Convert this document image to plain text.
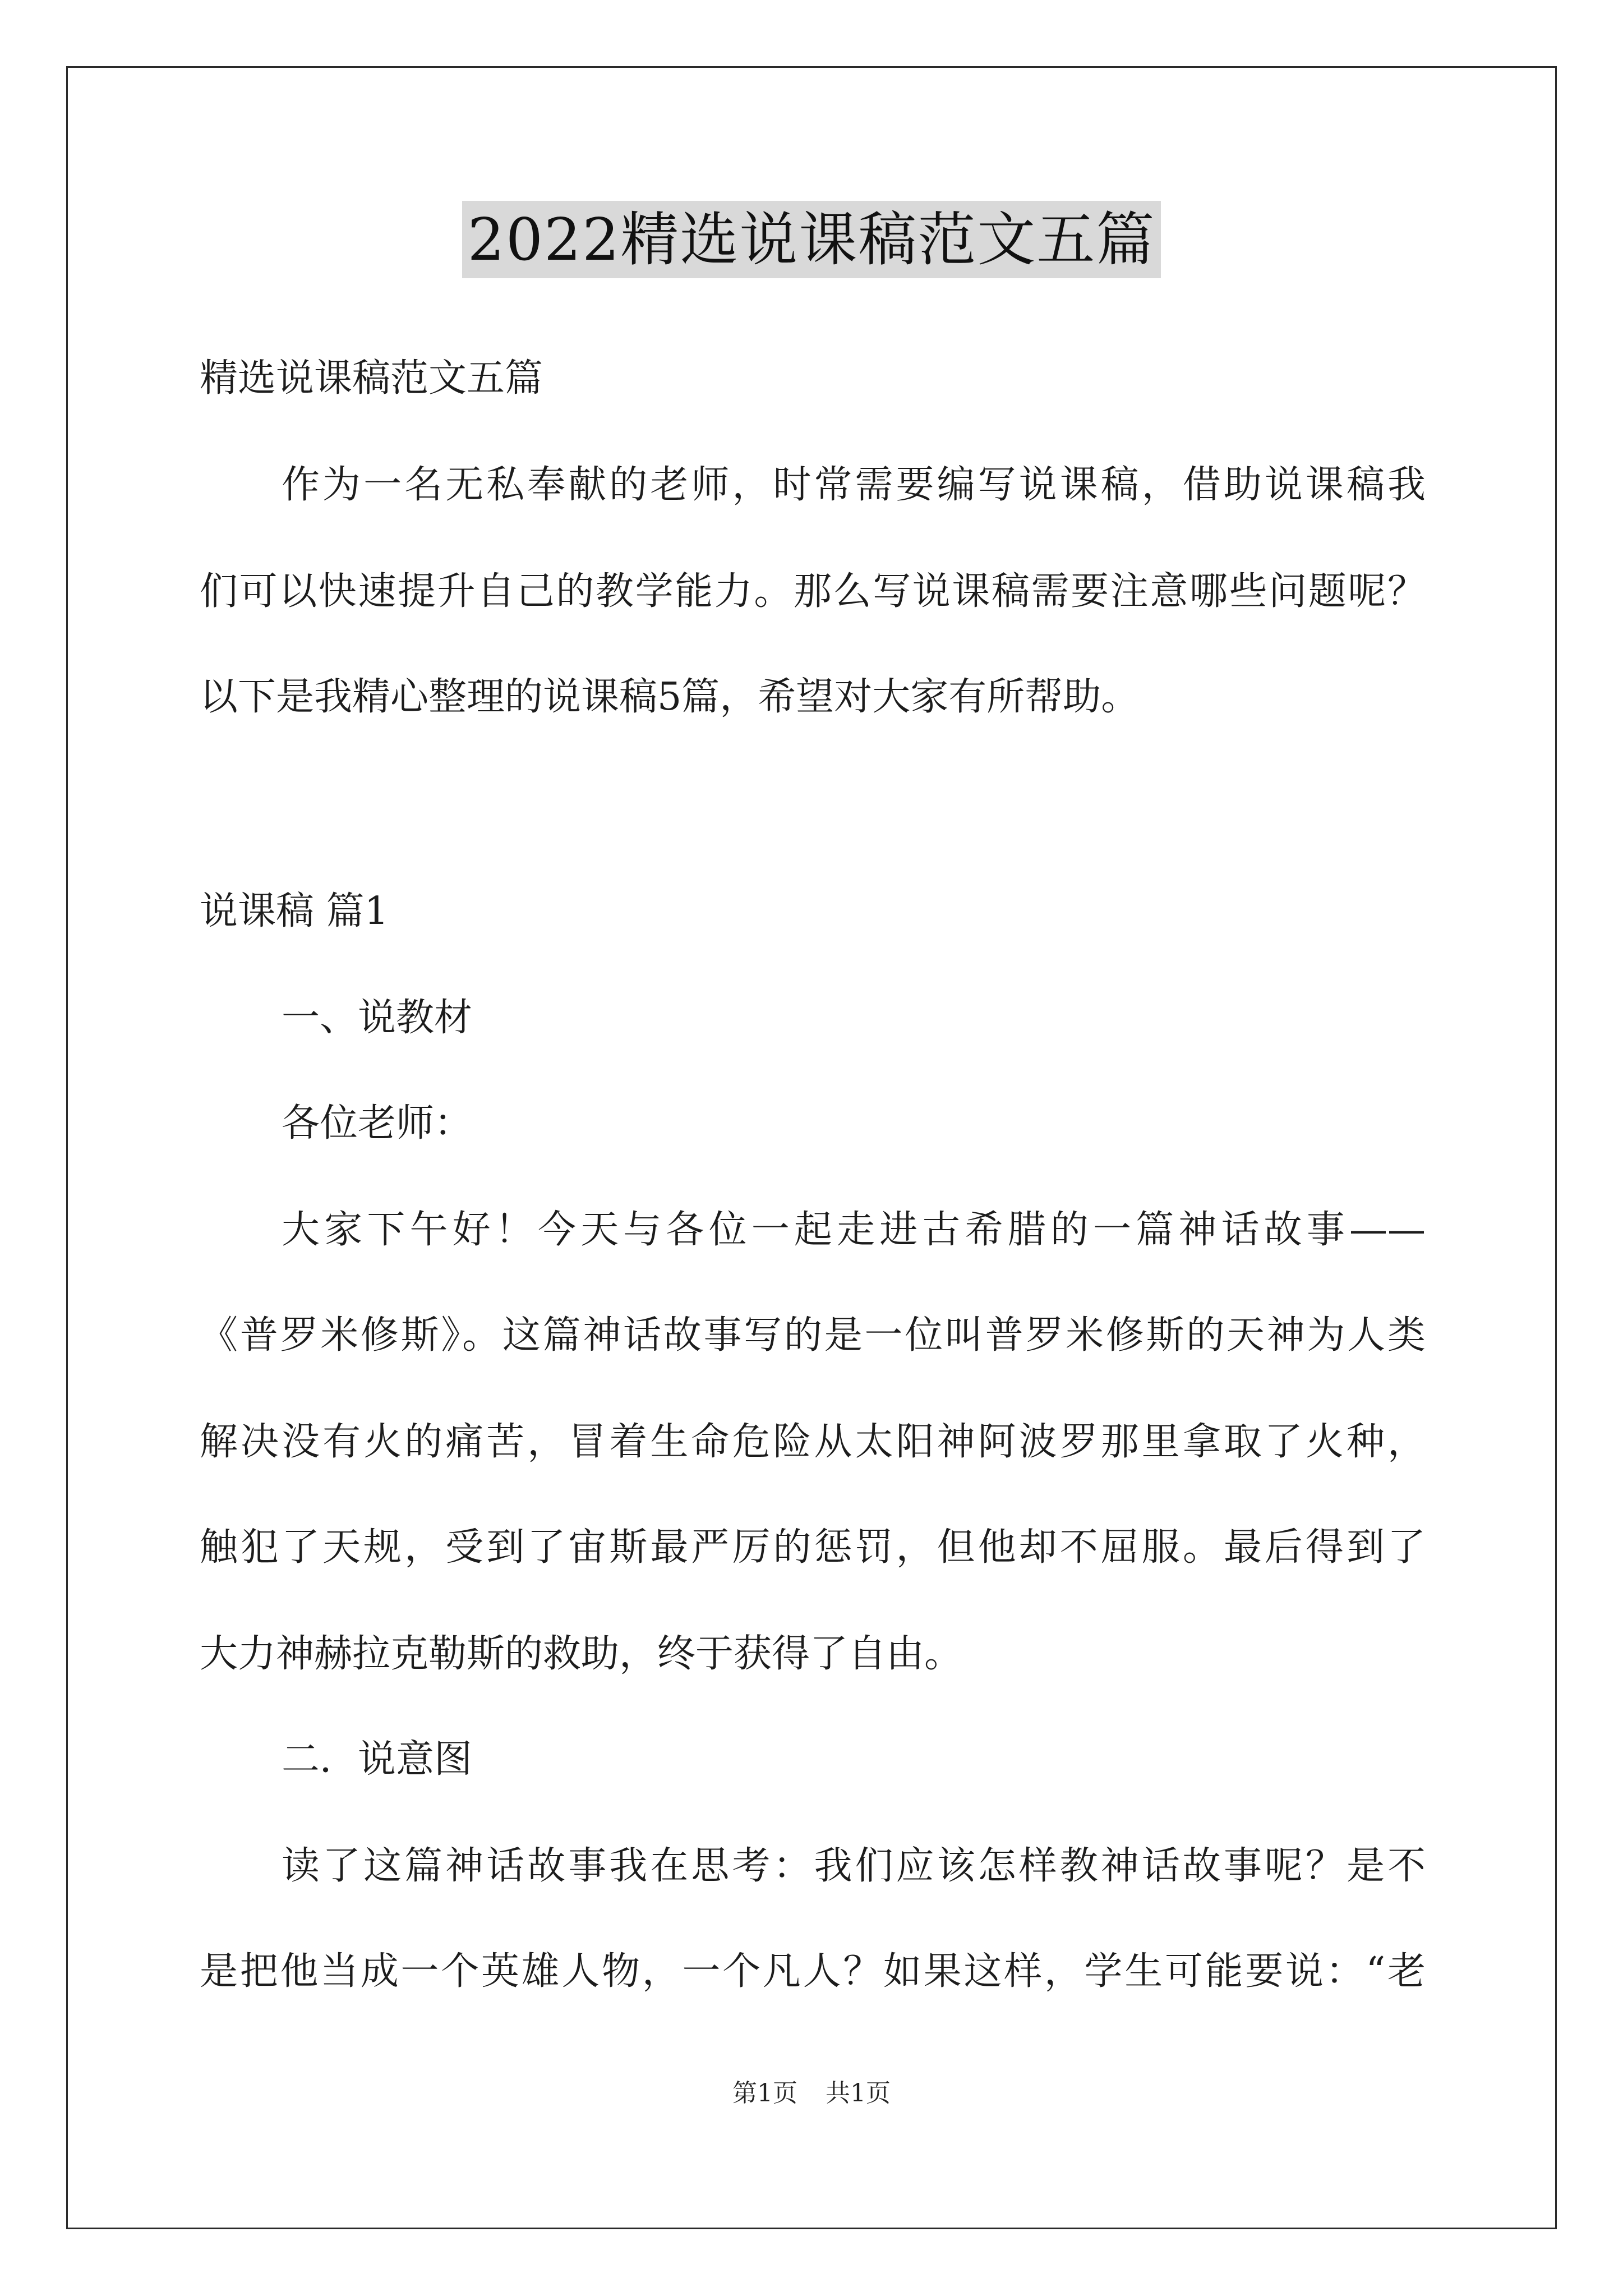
2022精选说课稿范文五篇
精选说课稿范文五篇
作为一名无私奉献的老师，时常需要编写说课稿，借助说课稿我
们可以快速提升自己的教学能力。那么写说课稿需要注意哪些问题呢？
以下是我精心整理的说课稿5篇，希望对大家有所帮助。
说课稿 篇1
一、说教材
各位老师：
大家下午好！今天与各位一起走进古希腊的一篇神话故事——
《普罗米修斯》。这篇神话故事写的是一位叫普罗米修斯的天神为人类
解决没有火的痛苦，冒着生命危险从太阳神阿波罗那里拿取了火种，
触犯了天规，受到了宙斯最严厉的惩罚，但他却不屈服。最后得到了
大力神赫拉克勒斯的救助，终于获得了自由。
二．说意图
读了这篇神话故事我在思考：我们应该怎样教神话故事呢？是不
是把他当成一个英雄人物，一个凡人？如果这样，学生可能要说：“老
第1页 共1页
